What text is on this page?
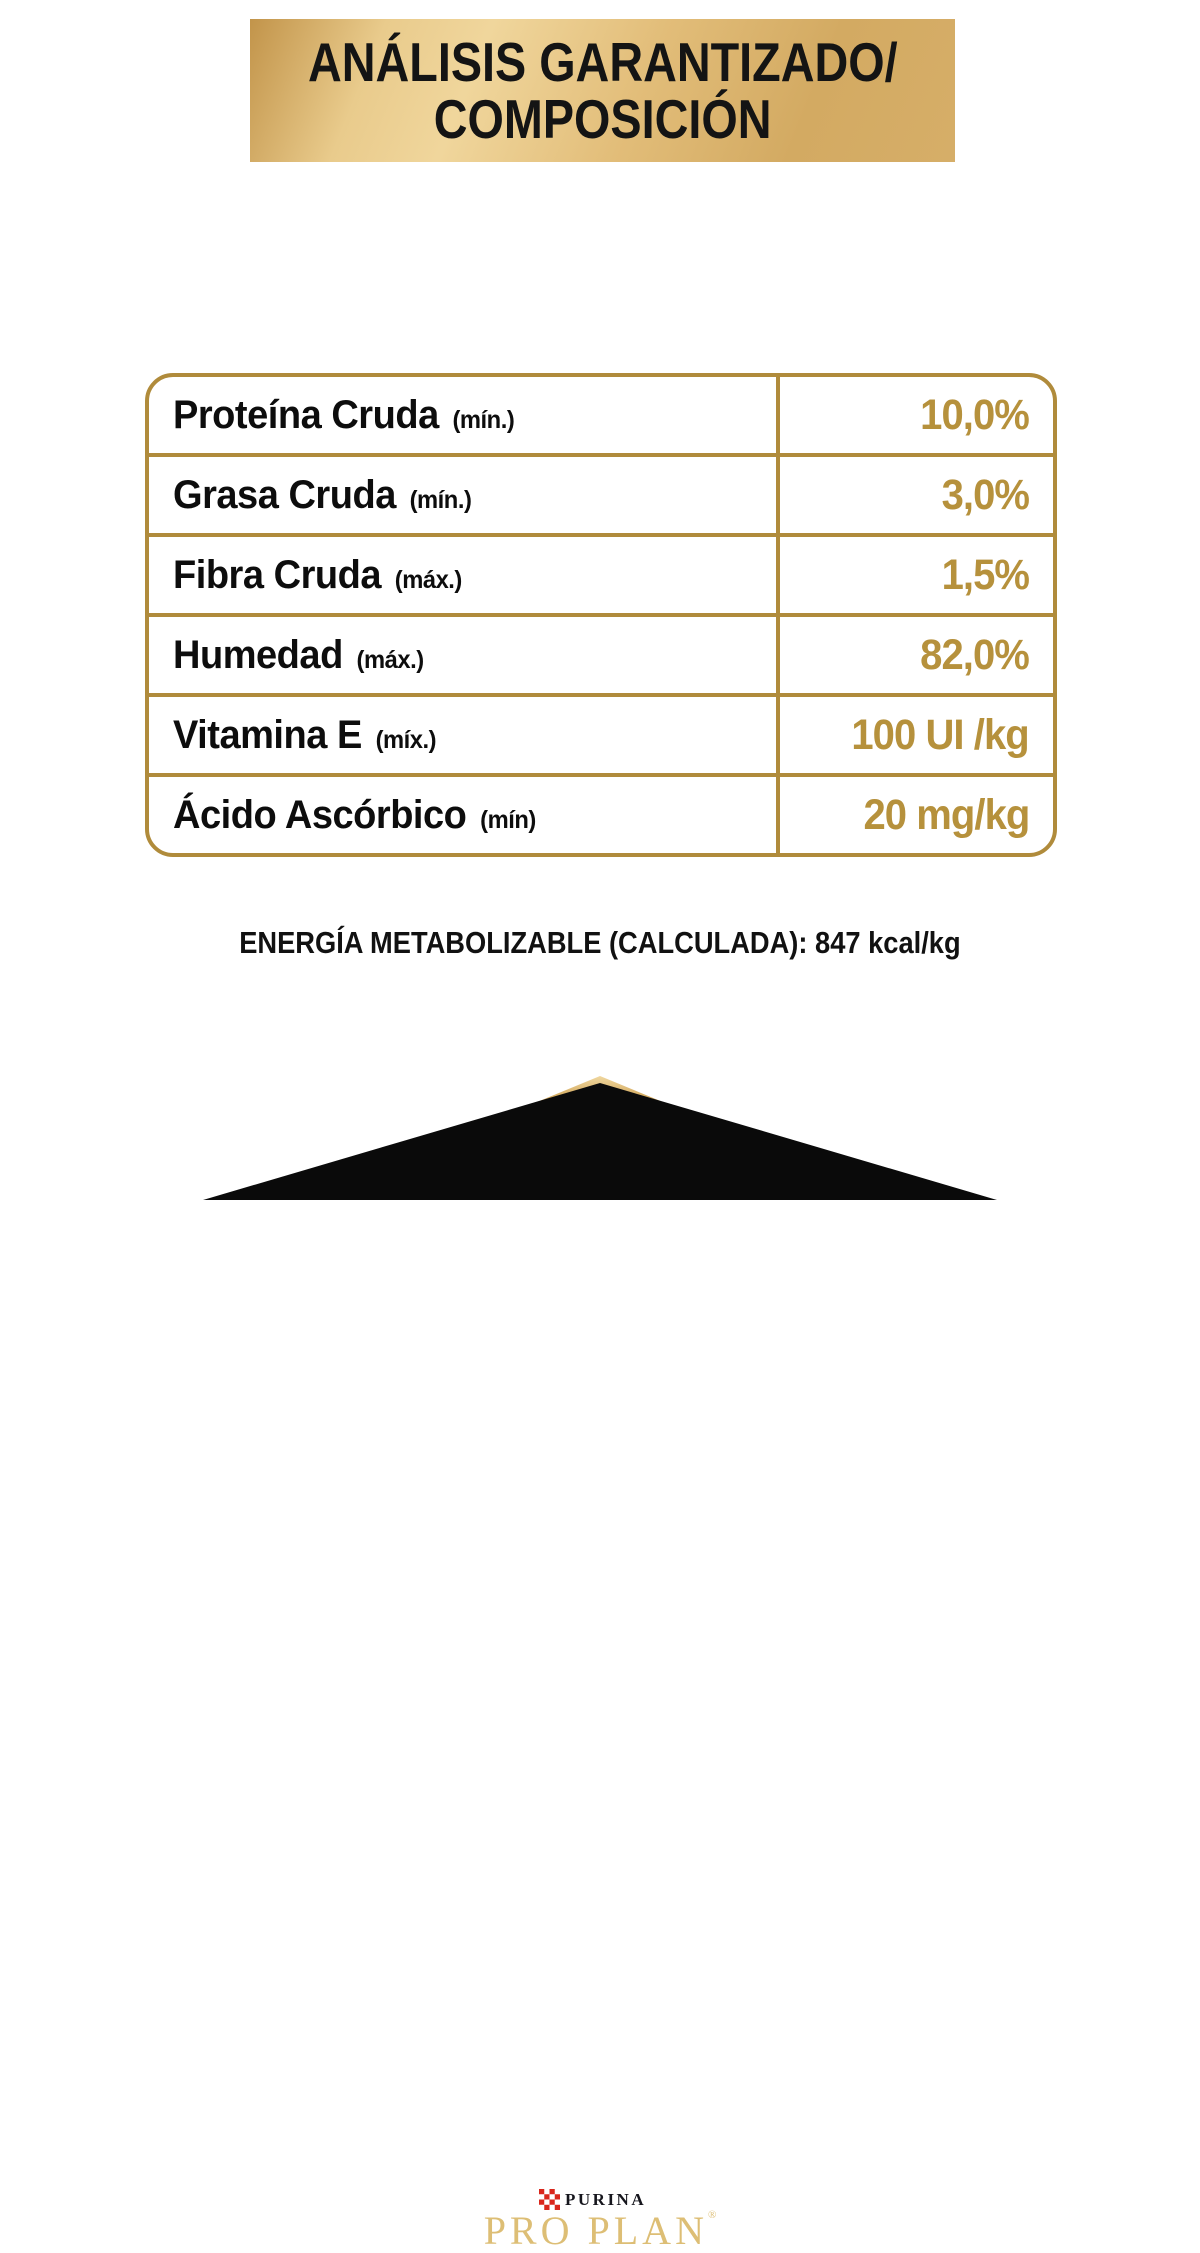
ANÁLISIS GARANTIZADO/
COMPOSICIÓN
Proteína Cruda (mín.)	10,0%
Grasa Cruda (mín.)	3,0%
Fibra Cruda (máx.)	1,5%
Humedad (máx.)	82,0%
Vitamina E (míx.)	100 UI /kg
Ácido Ascórbico (mín)	20 mg/kg
ENERGÍA METABOLIZABLE (CALCULADA): 847 kcal/kg
PURINA
®
PRO PLAN®
